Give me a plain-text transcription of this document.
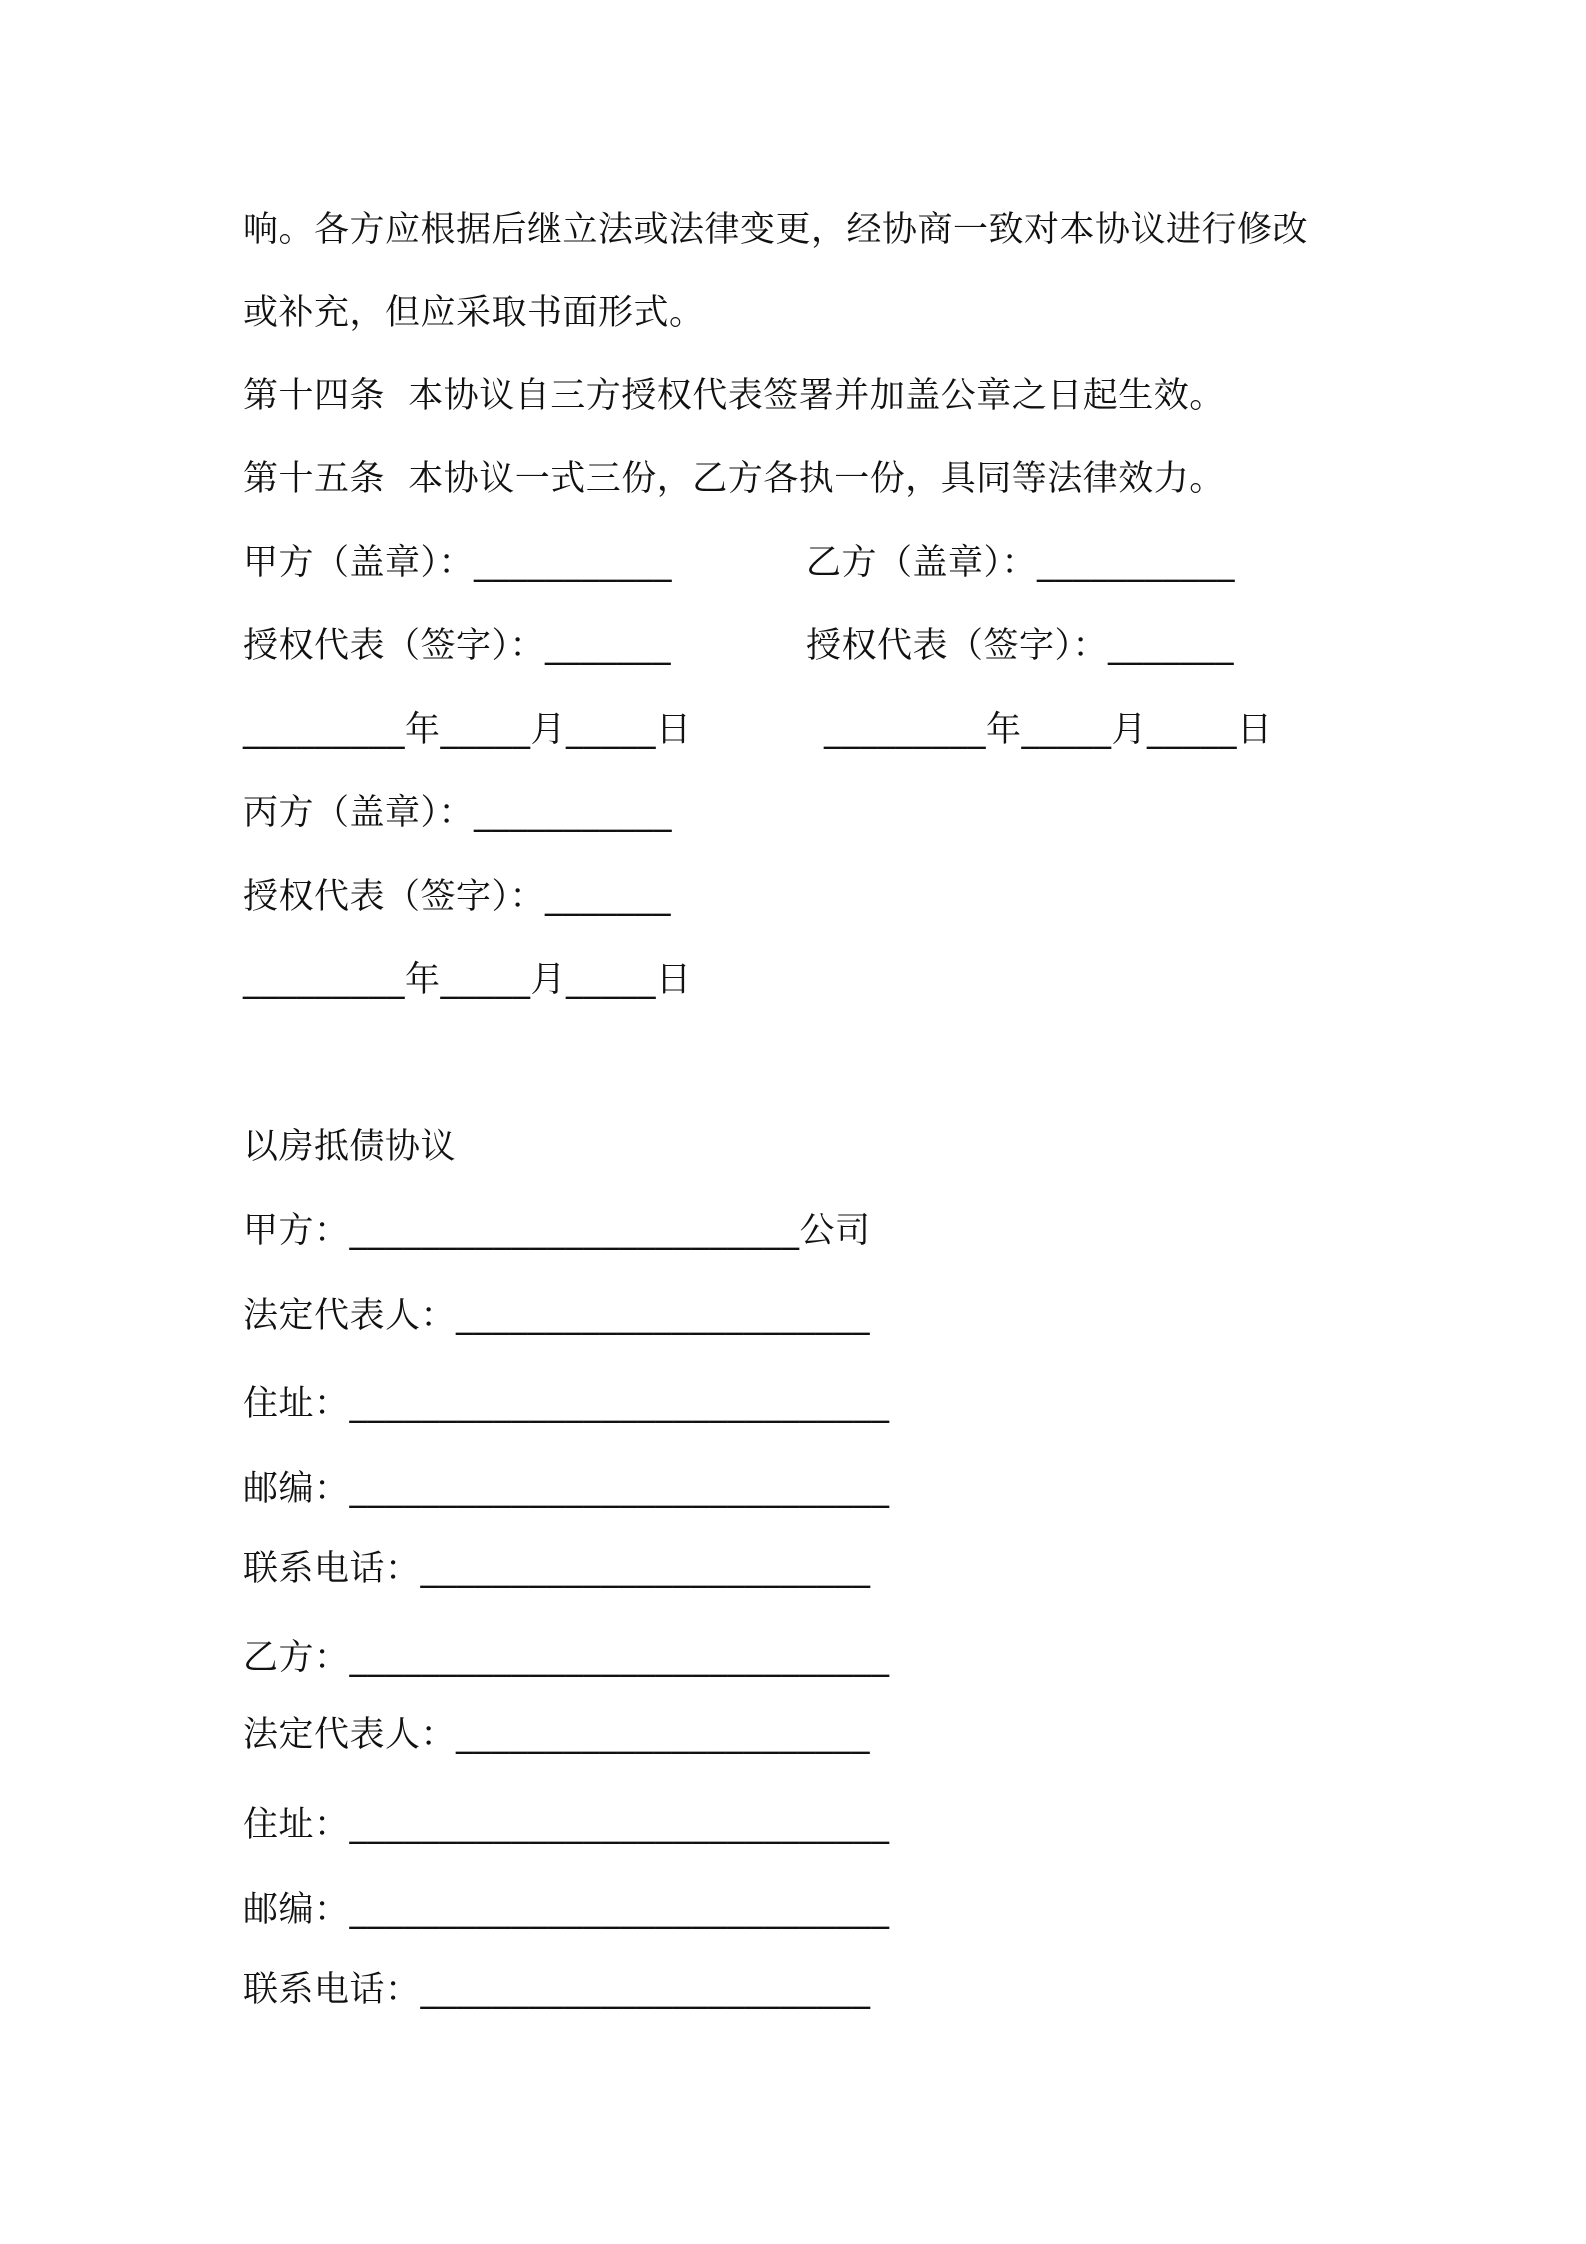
响。各方应根据后继立法或法律变更，经协商一致对本协议进行修改
或补充，但应采取书面形式。
第十四条  本协议自三方授权代表签署并加盖公章之日起生效。
第十五条  本协议一式三份，乙方各执一份，具同等法律效力。
甲方（盖章）：___________	乙方（盖章）：___________
授权代表（签字）：_______	授权代表（签字）：_______
_________年_____月_____日	_________年_____月_____日
丙方（盖章）：___________
授权代表（签字）：_______
_________年_____月_____日
以房抵债协议
甲方：_________________________公司
法定代表人：_______________________
住址：______________________________
邮编：______________________________
联系电话：_________________________
乙方：______________________________
法定代表人：_______________________
住址：______________________________
邮编：______________________________
联系电话：_________________________
